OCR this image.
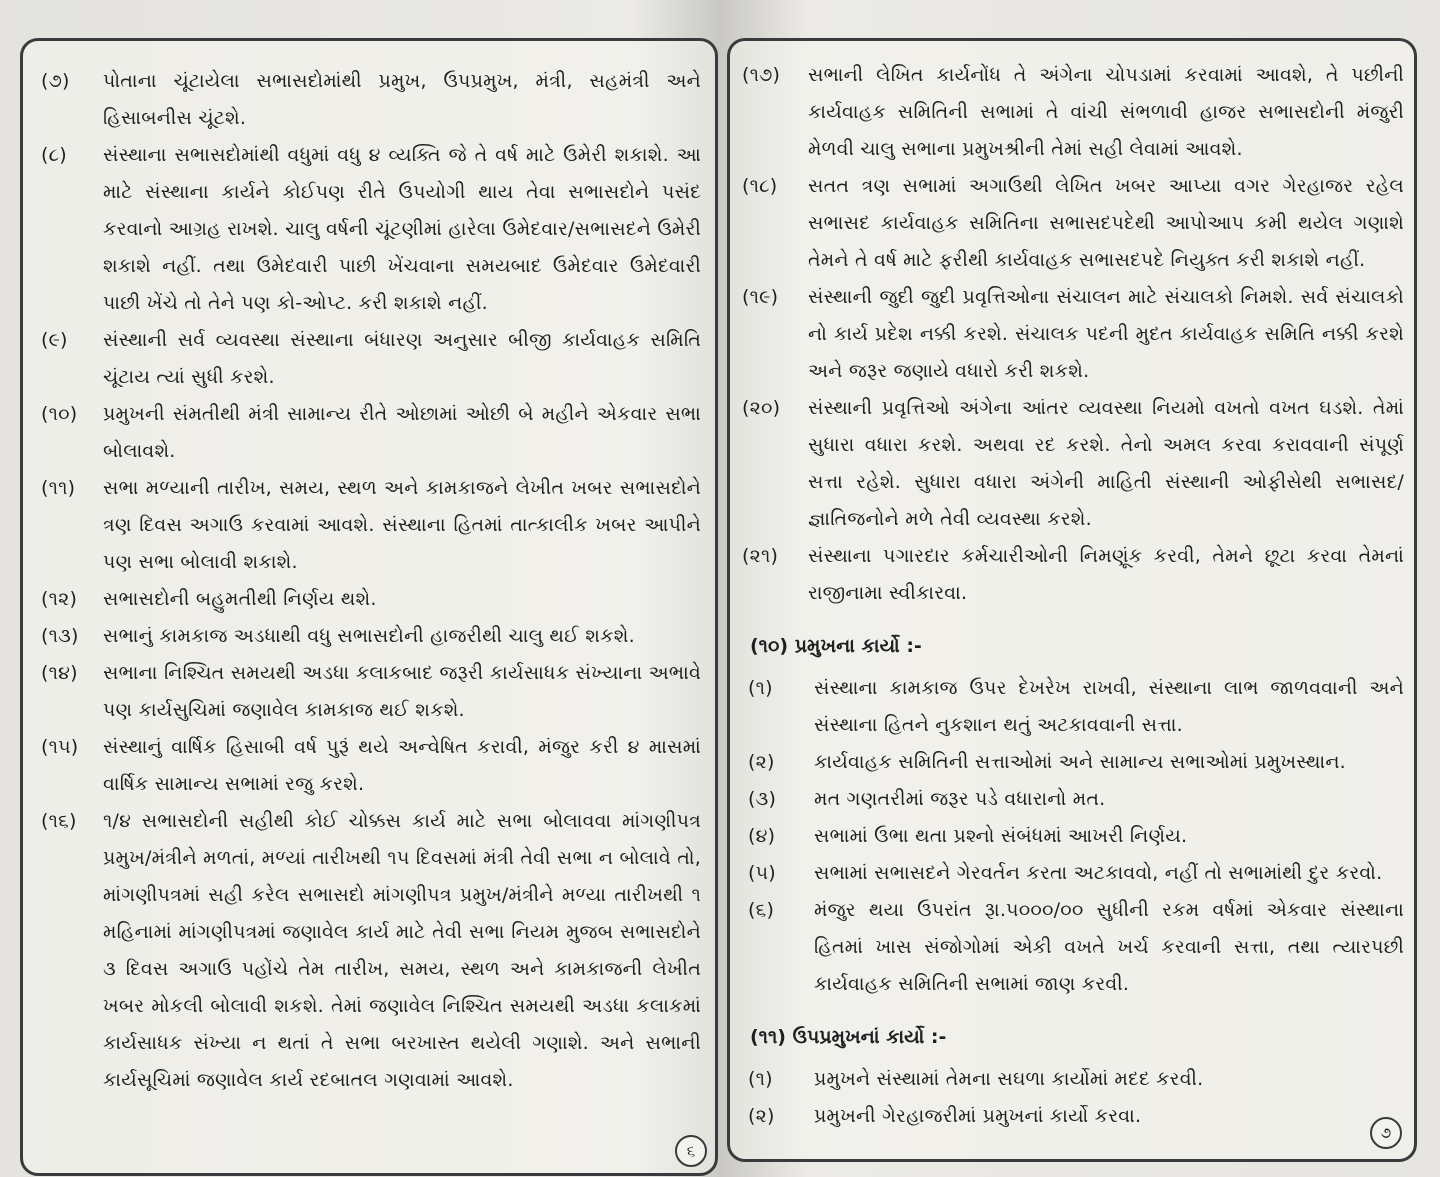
(૭)	પોતાના ચૂંટાયેલા સભાસદોમાંથી પ્રમુખ, ઉપપ્રમુખ, મંત્રી, સહમંત્રી અને હિસાબનીસ ચૂંટશે.
(૮)	સંસ્થાના સભાસદોમાંથી વધુમાં વધુ ૪ વ્યક્તિ જે તે વર્ષ માટે ઉમેરી શકાશે. આ માટે સંસ્થાના કાર્યને કોઈપણ રીતે ઉપયોગી થાય તેવા સભાસદોને પસંદ કરવાનો આગ્રહ રાખશે. ચાલુ વર્ષની ચૂંટણીમાં હારેલા ઉમેદવાર/સભાસદને ઉમેરી શકાશે નહીં. તથા ઉમેદવારી પાછી ખેંચવાના સમયબાદ ઉમેદવાર ઉમેદવારી પાછી ખેંચે તો તેને પણ કો-ઓપ્ટ. કરી શકાશે નહીં.
(૯)	સંસ્થાની સર્વ વ્યવસ્થા સંસ્થાના બંધારણ અનુસાર બીજી કાર્યવાહક સમિતિ ચૂંટાય ત્યાં સુધી કરશે.
(૧૦)	પ્રમુખની સંમતીથી મંત્રી સામાન્ય રીતે ઓછામાં ઓછી બે મહીને એકવાર સભા બોલાવશે.
(૧૧)	સભા મળ્યાની તારીખ, સમય, સ્થળ અને કામકાજને લેખીત ખબર સભાસદોને ત્રણ દિવસ અગાઉ કરવામાં આવશે. સંસ્થાના હિતમાં તાત્કાલીક ખબર આપીને પણ સભા બોલાવી શકાશે.
(૧૨)	સભાસદોની બહુમતીથી નિર્ણય થશે.
(૧૩)	સભાનું કામકાજ અડધાથી વધુ સભાસદોની હાજરીથી ચાલુ થઈ શકશે.
(૧૪)	સભાના નિશ્ચિત સમયથી અડધા કલાકબાદ જરૂરી કાર્યસાધક સંખ્યાના અભાવે પણ કાર્યસુચિમાં જણાવેલ કામકાજ થઈ શકશે.
(૧૫)	સંસ્થાનું વાર્ષિક હિસાબી વર્ષ પુરૂં થયે અન્વેષિત કરાવી, મંજુર કરી ૪ માસમાં વાર્ષિક સામાન્ય સભામાં રજુ કરશે.
(૧૬)	૧/૪ સભાસદોની સહીથી કોઈ ચોક્કસ કાર્ય માટે સભા બોલાવવા માંગણીપત્ર પ્રમુખ/મંત્રીને મળતાં, મળ્યાં તારીખથી ૧૫ દિવસમાં મંત્રી તેવી સભા ન બોલાવે તો, માંગણીપત્રમાં સહી કરેલ સભાસદો માંગણીપત્ર પ્રમુખ/મંત્રીને મળ્યા તારીખથી ૧ મહિનામાં માંગણીપત્રમાં જણાવેલ કાર્ય માટે તેવી સભા નિયમ મુજબ સભાસદોને ૩ દિવસ અગાઉ પહોંચે તેમ તારીખ, સમય, સ્થળ અને કામકાજની લેખીત ખબર મોકલી બોલાવી શકશે. તેમાં જણાવેલ નિશ્ચિત સમયથી અડધા કલાકમાં કાર્યસાધક સંખ્યા ન થતાં તે સભા બરખાસ્ત થયેલી ગણાશે. અને સભાની કાર્યસૂચિમાં જણાવેલ કાર્ય રદબાતલ ગણવામાં આવશે.
૬
(૧૭)	સભાની લેખિત કાર્યનોંધ તે અંગેના ચોપડામાં કરવામાં આવશે, તે પછીની કાર્યવાહક સમિતિની સભામાં તે વાંચી સંભળાવી હાજર સભાસદોની મંજુરી મેળવી ચાલુ સભાના પ્રમુખશ્રીની તેમાં સહી લેવામાં આવશે.
(૧૮)	સતત ત્રણ સભામાં અગાઉથી લેખિત ખબર આપ્યા વગર ગેરહાજર રહેલ સભાસદ કાર્યવાહક સમિતિના સભાસદપદેથી આપોઆપ કમી થયેલ ગણાશે તેમને તે વર્ષ માટે ફરીથી કાર્યવાહક સભાસદપદે નિયુક્ત કરી શકાશે નહીં.
(૧૯)	સંસ્થાની જુદી જુદી પ્રવૃત્તિઓના સંચાલન માટે સંચાલકો નિમશે. સર્વ સંચાલકો નો કાર્ય પ્રદેશ નક્કી કરશે. સંચાલક પદની મુદત કાર્યવાહક સમિતિ નક્કી કરશે અને જરૂર જણાયે વધારો કરી શકશે.
(૨૦)	સંસ્થાની પ્રવૃત્તિઓ અંગેના આંતર વ્યવસ્થા નિયમો વખતો વખત ઘડશે. તેમાં સુધારા વધારા કરશે. અથવા રદ કરશે. તેનો અમલ કરવા કરાવવાની સંપૂર્ણ સત્તા રહેશે. સુધારા વધારા અંગેની માહિતી સંસ્થાની ઓફીસેથી સભાસદ/જ્ઞાતિજનોને મળે તેવી વ્યવસ્થા કરશે.
(૨૧)	સંસ્થાના પગારદાર કર્મચારીઓની નિમણૂંક કરવી, તેમને છૂટા કરવા તેમનાં રાજીનામા સ્વીકારવા.
(૧૦) પ્રમુખના કાર્યો :-
(૧)	સંસ્થાના કામકાજ ઉપર દેખરેખ રાખવી, સંસ્થાના લાભ જાળવવાની અને સંસ્થાના હિતને નુકશાન થતું અટકાવવાની સત્તા.
(૨)	કાર્યવાહક સમિતિની સત્તાઓમાં અને સામાન્ય સભાઓમાં પ્રમુખસ્થાન.
(૩)	મત ગણતરીમાં જરૂર પડે વધારાનો મત.
(૪)	સભામાં ઉભા થતા પ્રશ્નો સંબંધમાં આખરી નિર્ણય.
(૫)	સભામાં સભાસદને ગેરવર્તન કરતા અટકાવવો, નહીં તો સભામાંથી દુર કરવો.
(૬)	મંજુર થયા ઉપરાંત રૂા.૫૦૦૦/૦૦ સુધીની રકમ વર્ષમાં એકવાર સંસ્થાના હિતમાં ખાસ સંજોગોમાં એકી વખતે ખર્ચ કરવાની સત્તા, તથા ત્યારપછી કાર્યવાહક સમિતિની સભામાં જાણ કરવી.
(૧૧) ઉપપ્રમુખનાં કાર્યો :-
(૧)	પ્રમુખને સંસ્થામાં તેમના સઘળા કાર્યોમાં મદદ કરવી.
(૨)	પ્રમુખની ગેરહાજરીમાં પ્રમુખનાં કાર્યો કરવા.
૭
